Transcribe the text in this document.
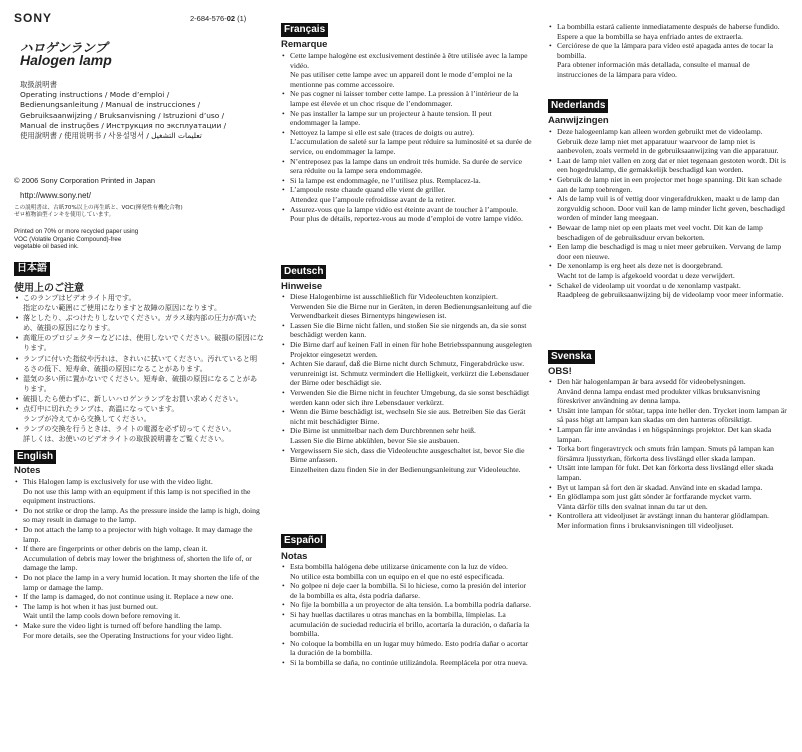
SONY	2-684-576-02 (1)
ハロゲンランプ
Halogen lamp
取扱説明書
Operating instructions / Mode d’emploi /
Bedienungsanleitung / Manual de instrucciones /
Gebruiksaanwijzing / Bruksanvisning / Istruzioni d’uso /
Manual de instruções / Инструкция по эксплуатации /
使用說明書 / 使用说明书 / 사용설명서 / تعليمات التشغيل
© 2006 Sony Corporation Printed in Japan
http://www.sony.net/
この説明書は、古紙70%以上の再生紙と、VOC(揮発性有機化合物)ゼロ植物油型インキを使用しています。
Printed on 70% or more recycled paper using
VOC (Volatile Organic Compound)-free
vegetable oil based ink.
日本語
使用上のご注意
• このランプはビデオライト用です。
指定のない範囲にご使用になりますと故障の原因になります。
• 落としたり、ぶつけたりしないでください。ガラス球内部の圧力が高いため、破損の原因になります。
• 高電圧のプロジェクターなどには、使用しないでください。破損の原因になります。
• ランプに付いた指紋や汚れは、きれいに拭いてください。汚れていると明るさの低下、短寿命、破損の原因になることがあります。
• 湿気の多い所に置かないでください。短寿命、破損の原因になることがあります。
• 破損したら使わずに、新しいハロゲンランプをお買い求めください。
• 点灯中に切れたランプは、高温になっています。
ランプが冷えてから交換してください。
• ランプの交換を行うときは、ライトの電源を必ず切ってください。
詳しくは、お使いのビデオライトの取扱説明書をご覧ください。
English
Notes
• This Halogen lamp is exclusively for use with the video light.
Do not use this lamp with an equipment if this lamp is not specified in the equipment instructions.
• Do not strike or drop the lamp. As the pressure inside the lamp is high, doing so may result in damage to the lamp.
• Do not attach the lamp to a projector with high voltage. It may damage the lamp.
• If there are fingerprints or other debris on the lamp, clean it.
Accumulation of debris may lower the brightness of, shorten the life of, or damage the lamp.
• Do not place the lamp in a very humid location. It may shorten the life of the lamp or damage the lamp.
• If the lamp is damaged, do not continue using it. Replace a new one.
• The lamp is hot when it has just burned out.
Wait until the lamp cools down before removing it.
• Make sure the video light is turned off before handling the lamp.
For more details, see the Operating Instructions for your video light.
Français
Remarque
• Cette lampe halogène est exclusivement destinée à être utilisée avec la lampe vidéo.
Ne pas utiliser cette lampe avec un appareil dont le mode d’emploi ne la mentionne pas comme accessoire.
• Ne pas cogner ni laisser tomber cette lampe. La pression à l’intérieur de la lampe est élevée et un choc risque de l’endommager.
• Ne pas installer la lampe sur un projecteur à haute tension. Il peut endommager la lampe.
• Nettoyez la lampe si elle est sale (traces de doigts ou autre).
L’accumulation de saleté sur la lampe peut réduire sa luminosité et sa durée de service, ou endommager la lampe.
• N’entreposez pas la lampe dans un endroit très humide. Sa durée de service sera réduite ou la lampe sera endommagée.
• Si la lampe est endommagée, ne l’utilisez plus. Remplacez-la.
• L’ampoule reste chaude quand elle vient de griller.
Attendez que l’ampoule refroidisse avant de la retirer.
• Assurez-vous que la lampe vidéo est éteinte avant de toucher à l’ampoule.
Pour plus de détails, reportez-vous au mode d’emploi de votre lampe vidéo.
Deutsch
Hinweise
• Diese Halogenbirne ist ausschließlich für Videoleuchten konzipiert.
Verwenden Sie die Birne nur in Geräten, in deren Bedienungsanleitung auf die Verwendbarkeit dieses Birnentyps hingewiesen ist.
• Lassen Sie die Birne nicht fallen, und stoßen Sie sie nirgends an, da sie sonst beschädigt werden kann.
• Die Birne darf auf keinen Fall in einen für hohe Betriebsspannung ausgelegten Projektor eingesetzt werden.
• Achten Sie darauf, daß die Birne nicht durch Schmutz, Fingerabdrücke usw. verunreinigt ist. Schmutz vermindert die Helligkeit, verkürzt die Lebensdauer der Birne oder beschädigt sie.
• Verwenden Sie die Birne nicht in feuchter Umgebung, da sie sonst beschädigt werden kann oder sich ihre Lebensdauer verkürzt.
• Wenn die Birne beschädigt ist, wechseln Sie sie aus. Betreiben Sie das Gerät nicht mit beschädigter Birne.
• Die Birne ist unmittelbar nach dem Durchbrennen sehr heiß.
Lassen Sie die Birne abkühlen, bevor Sie sie ausbauen.
• Vergewissern Sie sich, dass die Videoleuchte ausgeschaltet ist, bevor Sie die Birne anfassen.
Einzelheiten dazu finden Sie in der Bedienungsanleitung zur Videoleuchte.
Español
Notas
• Esta bombilla halógena debe utilizarse únicamente con la luz de vídeo.
No utilice esta bombilla con un equipo en el que no esté especificada.
• No golpee ni deje caer la bombilla. Si lo hiciese, como la presión del interior de la bombilla es alta, ésta podría dañarse.
• No fije la bombilla a un proyector de alta tensión. La bombilla podría dañarse.
• Si hay huellas dactilares u otras manchas en la bombilla, límpielas. La acumulación de suciedad reduciría el brillo, acortaría la duración, o dañaría la bombilla.
• No coloque la bombilla en un lugar muy húmedo. Esto podría dañar o acortar la duración de la bombilla.
• Si la bombilla se daña, no continúe utilizándola. Reemplácela por otra nueva.
• La bombilla estará caliente inmediatamente después de haberse fundido.
Espere a que la bombilla se haya enfriado antes de extraerla.
• Cerciórese de que la lámpara para vídeo esté apagada antes de tocar la bombilla.
Para obtener información más detallada, consulte el manual de instrucciones de la lámpara para vídeo.
Nederlands
Aanwijzingen
• Deze halogeenlamp kan alleen worden gebruikt met de videolamp.
Gebruik deze lamp niet met apparatuur waarvoor de lamp niet is aanbevolen, zoals vermeld in de gebruiksaanwijzing van die apparatuur.
• Laat de lamp niet vallen en zorg dat er niet tegenaan gestoten wordt. Dit is een hogedruklamp, die gemakkelijk beschadigd kan worden.
• Gebruik de lamp niet in een projector met hoge spanning. Dit kan schade aan de lamp toebrengen.
• Als de lamp vuil is of vettig door vingerafdrukken, maakt u de lamp dan zorgvuldig schoon. Door vuil kan de lamp minder licht geven, beschadigd worden of minder lang meegaan.
• Bewaar de lamp niet op een plaats met veel vocht. Dit kan de lamp beschadigen of de gebruiksduur ervan bekorten.
• Een lamp die beschadigd is mag u niet meer gebruiken. Vervang de lamp door een nieuwe.
• De xenonlamp is erg heet als deze net is doorgebrand.
Wacht tot de lamp is afgekoeld voordat u deze verwijdert.
• Schakel de videolamp uit voordat u de xenonlamp vastpakt.
Raadpleeg de gebruiksaanwijzing bij de videolamp voor meer informatie.
Svenska
OBS!
• Den här halogenlampan är bara avsedd för videobelysningen.
Använd denna lampa endast med produkter vilkas bruksanvisning föreskriver användning av denna lampa.
• Utsätt inte lampan för stötar, tappa inte heller den. Trycket inom lampan är så pass högt att lampan kan skadas om den hanteras oförsiktigt.
• Lampan får inte användas i en högspännings projektor. Det kan skada lampan.
• Torka bort fingeravtryck och smuts från lampan. Smuts på lampan kan försämra ljusstyrkan, förkorta dess livslängd eller skada lampan.
• Utsätt inte lampan för fukt. Det kan förkorta dess livslängd eller skada lampan.
• Byt ut lampan så fort den är skadad. Använd inte en skadad lampa.
• En glödlampa som just gått sönder är fortfarande mycket varm.
Vänta därför tills den svalnat innan du tar ut den.
• Kontrollera att videoljuset är avstängt innan du hanterar glödlampan.
Mer information finns i bruksanvisningen till videoljuset.
